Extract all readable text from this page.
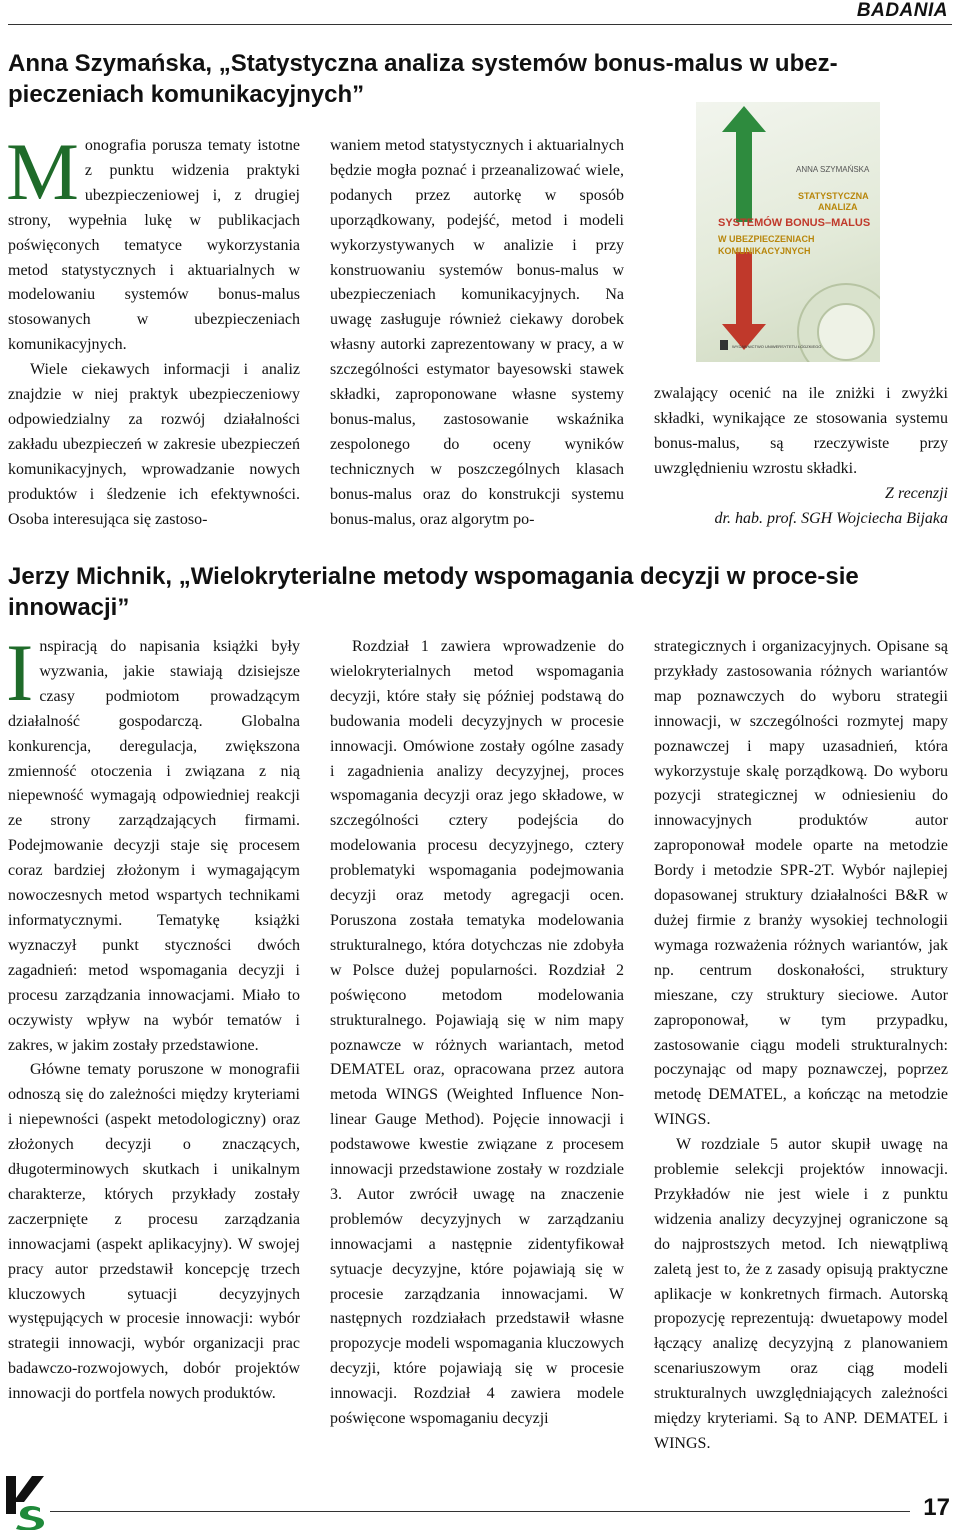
BADANIA
Anna Szymańska, „Statystyczna analiza systemów bonus-malus w ubez-pieczeniach komunikacyjnych”

Monografia porusza tematy istotne z punktu widzenia praktyki ubezpieczeniowej i, z drugiej strony, wypełnia lukę w publikacjach poświęconych tematyce wykorzystania metod statystycznych i aktuarialnych w modelowaniu systemów bonus-malus stosowanych w ubezpieczeniach komunikacyjnych.

Wiele ciekawych informacji i analiz znajdzie w niej praktyk ubezpieczeniowy odpowiedzialny za rozwój działalności zakładu ubezpieczeń w zakresie ubezpieczeń komunikacyjnych, wprowadzanie nowych produktów i śledzenie ich efektywności. Osoba interesująca się zastoso-

waniem metod statystycznych i aktuarialnych będzie mogła poznać i przeanalizować wiele, podanych przez autorkę w sposób uporządkowany, podejść, metod i modeli wykorzystywanych w analizie i przy konstruowaniu systemów bonus-malus w ubezpieczeniach komunikacyjnych. Na uwagę zasługuje również ciekawy dorobek własny autorki zaprezentowany w pracy, a w szczególności estymator bayesowski stawek składki, zaproponowane własne systemy bonus-malus, zastosowanie wskaźnika zespolonego do oceny wyników technicznych w poszczególnych klasach bonus-malus oraz do konstrukcji systemu bonus-malus, oraz algorytm po-

ANNA SZYMAŃSKA
STATYSTYCZNA
ANALIZA
SYSTEMÓW BONUS–MALUS
W UBEZPIECZENIACH
KOMUNIKACYJNYCH
WYDAWNICTWO UNIWERSYTETU ŁÓDZKIEGO

zwalający ocenić na ile zniżki i zwyżki składki, wynikające ze stosowania systemu bonus-malus, są rzeczywiste przy uwzględnieniu wzrostu składki.

Z recenzji

dr. hab. prof. SGH Wojciecha Bijaka

Jerzy Michnik, „Wielokryterialne metody wspomagania decyzji w proce-sie innowacji”

Inspiracją do napisania książki były wyzwania, jakie stawiają dzisiejsze czasy podmiotom prowadzącym działalność gospodarczą. Globalna konkurencja, deregulacja, zwiększona zmienność otoczenia i związana z nią niepewność wymagają odpowiedniej reakcji ze strony zarządzających firmami. Podejmowanie decyzji staje się procesem coraz bardziej złożonym i wymagającym nowoczesnych metod wspartych technikami informatycznymi. Tematykę książki wyznaczył punkt styczności dwóch zagadnień: metod wspomagania decyzji i procesu zarządzania innowacjami. Miało to oczywisty wpływ na wybór tematów i zakres, w jakim zostały przedstawione.

Główne tematy poruszone w monografii odnoszą się do zależności między kryteriami i niepewności (aspekt metodologiczny) oraz złożonych decyzji o znaczących, długoterminowych skutkach i unikalnym charakterze, których przykłady zostały zaczerpnięte z procesu zarządzania innowacjami (aspekt aplikacyjny). W swojej pracy autor przedstawił koncepcję trzech kluczowych sytuacji decyzyjnych występujących w procesie innowacji: wybór strategii innowacji, wybór organizacji prac badawczo-rozwojowych, dobór projektów innowacji do portfela nowych produktów.

Rozdział 1 zawiera wprowadzenie do wielokryterialnych metod wspomagania decyzji, które stały się później podstawą do budowania modeli decyzyjnych w procesie innowacji. Omówione zostały ogólne zasady i zagadnienia analizy decyzyjnej, proces wspomagania decyzji oraz jego składowe, w szczególności cztery podejścia do modelowania procesu decyzyjnego, cztery problematyki wspomagania podejmowania decyzji oraz metody agregacji ocen. Poruszona została tematyka modelowania strukturalnego, która dotychczas nie zdobyła w Polsce dużej popularności. Rozdział 2 poświęcono metodom modelowania strukturalnego. Pojawiają się w nim mapy poznawcze w różnych wariantach, metod DEMATEL oraz, opracowana przez autora metoda WINGS (Weighted Influence Non-linear Gauge Method). Pojęcie innowacji i podstawowe kwestie związane z procesem innowacji przedstawione zostały w rozdziale 3. Autor zwrócił uwagę na znaczenie problemów decyzyjnych w zarządzaniu innowacjami a następnie zidentyfikował sytuacje decyzyjne, które pojawiają się w procesie zarządzania innowacjami. W następnych rozdziałach przedstawił własne propozycje modeli wspomagania kluczowych decyzji, które pojawiają się w procesie innowacji. Rozdział 4 zawiera modele poświęcone wspomaganiu decyzji

strategicznych i organizacyjnych. Opisane są przykłady zastosowania różnych wariantów map poznawczych do wyboru strategii innowacji, w szczególności rozmytej mapy poznawczej i mapy uzasadnień, która wykorzystuje skalę porządkową. Do wyboru pozycji strategicznej w odniesieniu do innowacyjnych produktów autor zaproponował modele oparte na metodzie Bordy i metodzie SPR-2T. Wybór najlepiej dopasowanej struktury działalności B&R w dużej firmie z branży wysokiej technologii wymaga rozważenia różnych wariantów, jak np. centrum doskonałości, struktury mieszane, czy struktury sieciowe. Autor zaproponował, w tym przypadku, zastosowanie ciągu modeli strukturalnych: poczynając od mapy poznawczej, poprzez metodę DEMATEL, a kończąc na metodzie WINGS.

W rozdziale 5 autor skupił uwagę na problemie selekcji projektów innowacji. Przykładów nie jest wiele i z punktu widzenia analizy decyzyjnej ograniczone są do najprostszych metod. Ich niewątpliwą zaletą jest to, że z zasady opisują praktyczne aplikacje w konkretnych firmach. Autorską propozycję reprezentują: dwuetapowy model łączący analizę decyzyjną z planowaniem scenariuszowym oraz ciąg modeli strukturalnych uwzględniających zależności między kryteriami. Są to ANP. DEMATEL i WINGS.

17
